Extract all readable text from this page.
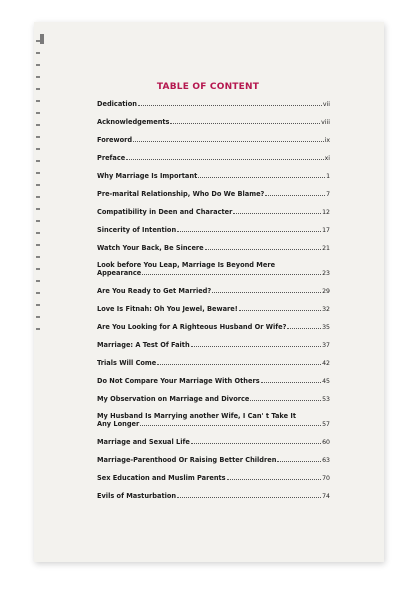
TABLE OF CONTENT
Dedication	vii
Acknowledgements	viii
Foreword	ix
Preface	xi
Why Marriage Is Important	1
Pre-marital Relationship, Who Do We Blame?	7
Compatibility in Deen and Character	12
Sincerity of Intention	17
Watch Your Back, Be Sincere	21
Look before You Leap, Marriage Is Beyond Mere
Appearance	23
Are You Ready to Get Married?	29
Love Is Fitnah: Oh You Jewel, Beware!	32
Are You Looking for A Righteous Husband Or Wife?	35
Marriage: A Test Of Faith	37
Trials Will Come	42
Do Not Compare Your Marriage With Others	45
My Observation on Marriage and Divorce	53
My Husband Is Marrying another Wife, I Can' t Take It
Any Longer	57
Marriage and Sexual Life	60
Marriage-Parenthood Or Raising Better Children	63
Sex Education and Muslim Parents	70
Evils of Masturbation	74
